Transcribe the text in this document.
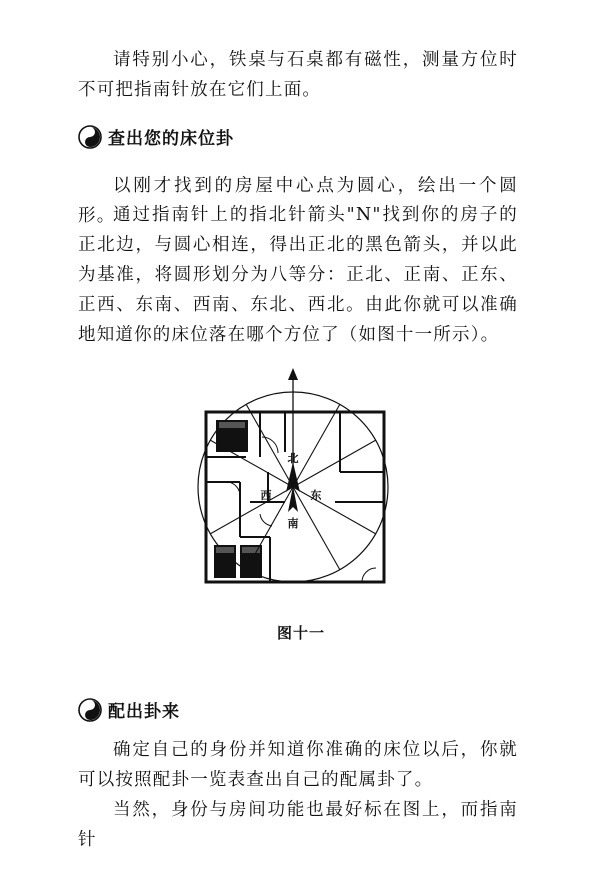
请特别小心，铁桌与石桌都有磁性，测量方位时不可把指南针放在它们上面。

查出您的床位卦

以刚才找到的房屋中心点为圆心，绘出一个圆形。

通过指南针上的指北针箭头"N"找到你的房子的正北边，与圆心相连，得出正北的黑色箭头，并以此为基准，将圆形划分为八等分：正北、正南、正东、正西、东南、西南、东北、西北。由此你就可以准确地知道你的床位落在哪个方位了（如图十一所示）。

北
南
东
西
图十一
配出卦来

确定自己的身份并知道你准确的床位以后，你就可以按照配卦一览表查出自己的配属卦了。

当然，身份与房间功能也最好标在图上，而指南针
